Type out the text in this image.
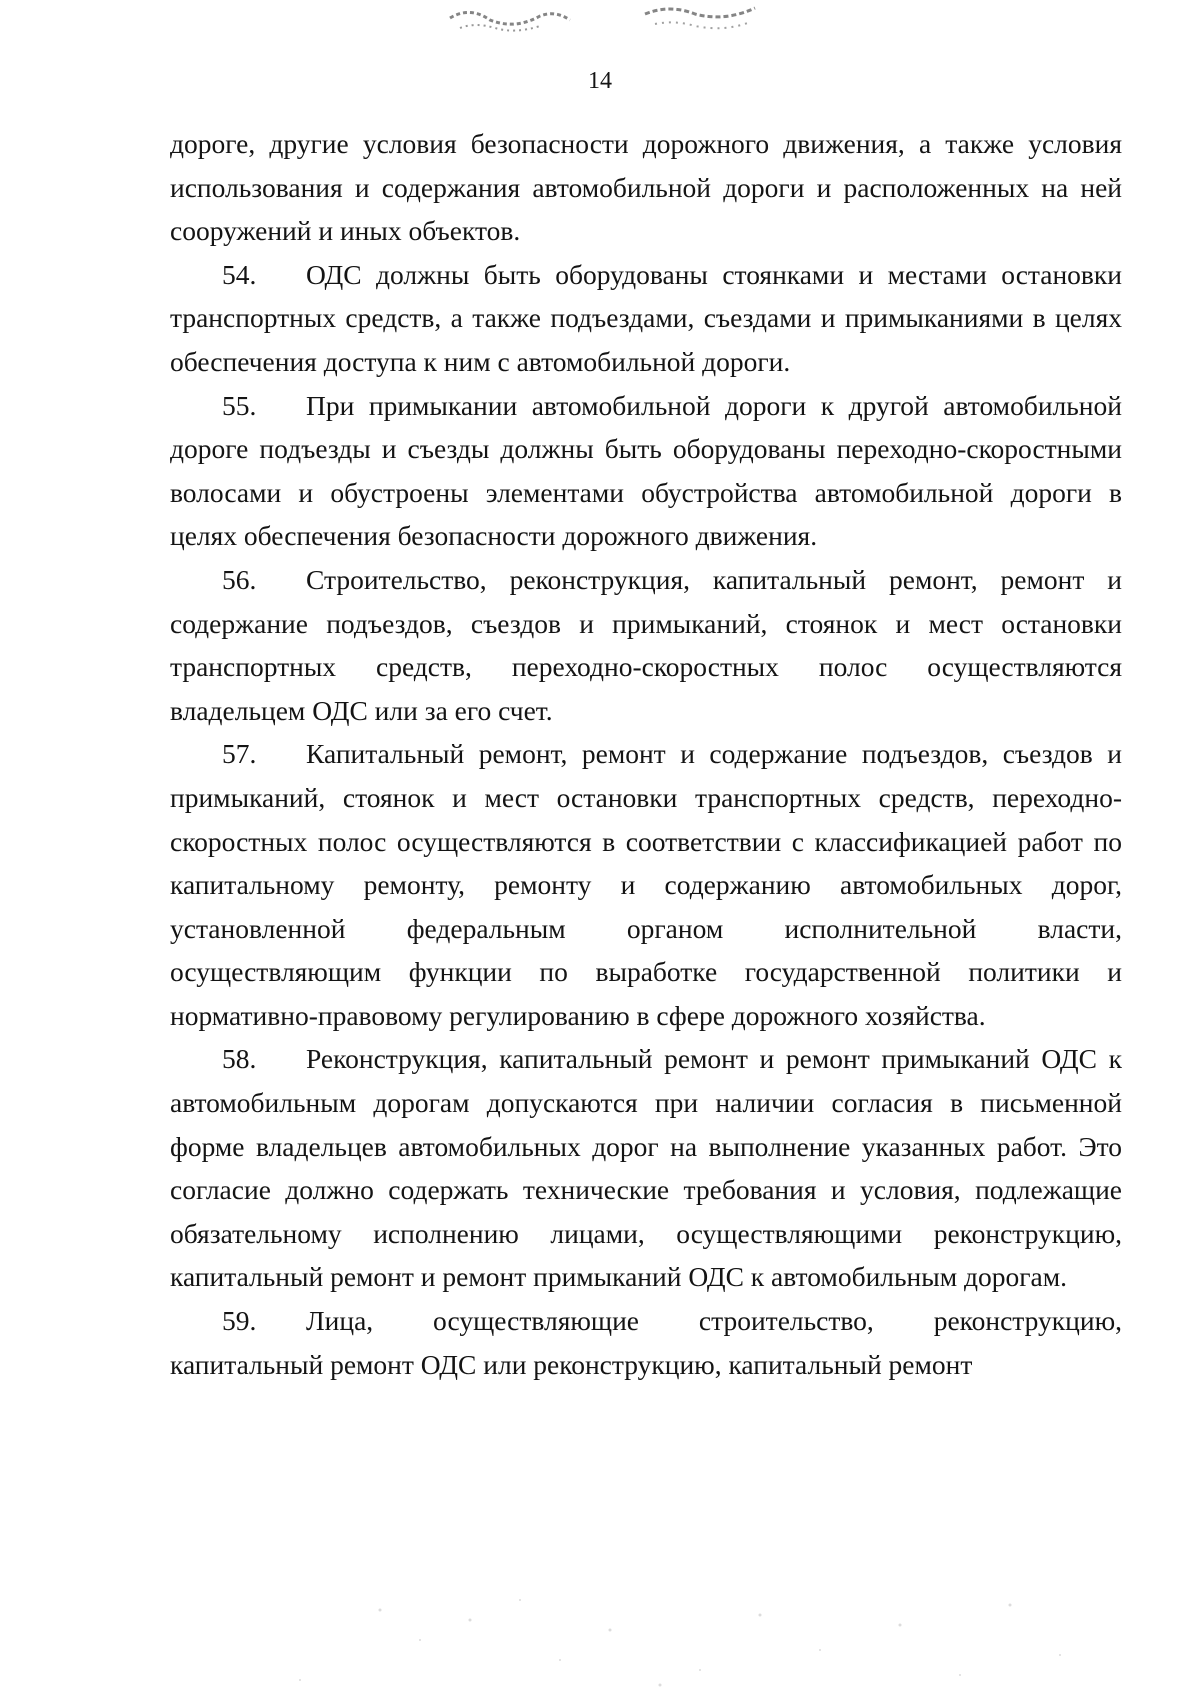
14

дороге, другие условия безопасности дорожного движения, а также условия использования и содержания автомобильной дороги и расположенных на ней сооружений и иных объектов.

54. ОДС должны быть оборудованы стоянками и местами остановки транспортных средств, а также подъездами, съездами и примыканиями в целях обеспечения доступа к ним с автомобильной дороги.

55. При примыкании автомобильной дороги к другой автомобильной дороге подъезды и съезды должны быть оборудованы переходно-скоростными волосами и обустроены элементами обустройства автомобильной дороги в целях обеспечения безопасности дорожного движения.

56. Строительство, реконструкция, капитальный ремонт, ремонт и содержание подъездов, съездов и примыканий, стоянок и мест остановки транспортных средств, переходно-скоростных полос осуществляются владельцем ОДС или за его счет.

57. Капитальный ремонт, ремонт и содержание подъездов, съездов и примыканий, стоянок и мест остановки транспортных средств, переходно- скоростных полос осуществляются в соответствии с классификацией работ по капитальному ремонту, ремонту и содержанию автомобильных дорог, установленной федеральным органом исполнительной власти, осуществляющим функции по выработке государственной политики и нормативно-правовому регулированию в сфере дорожного хозяйства.

58. Реконструкция, капитальный ремонт и ремонт примыканий ОДС к автомобильным дорогам допускаются при наличии согласия в письменной форме владельцев автомобильных дорог на выполнение указанных работ. Это согласие должно содержать технические требования и условия, подлежащие обязательному исполнению лицами, осуществляющими реконструкцию, капитальный ремонт и ремонт примыканий ОДС к автомобильным дорогам.

59. Лица, осуществляющие строительство, реконструкцию, капитальный ремонт ОДС или реконструкцию, капитальный ремонт
